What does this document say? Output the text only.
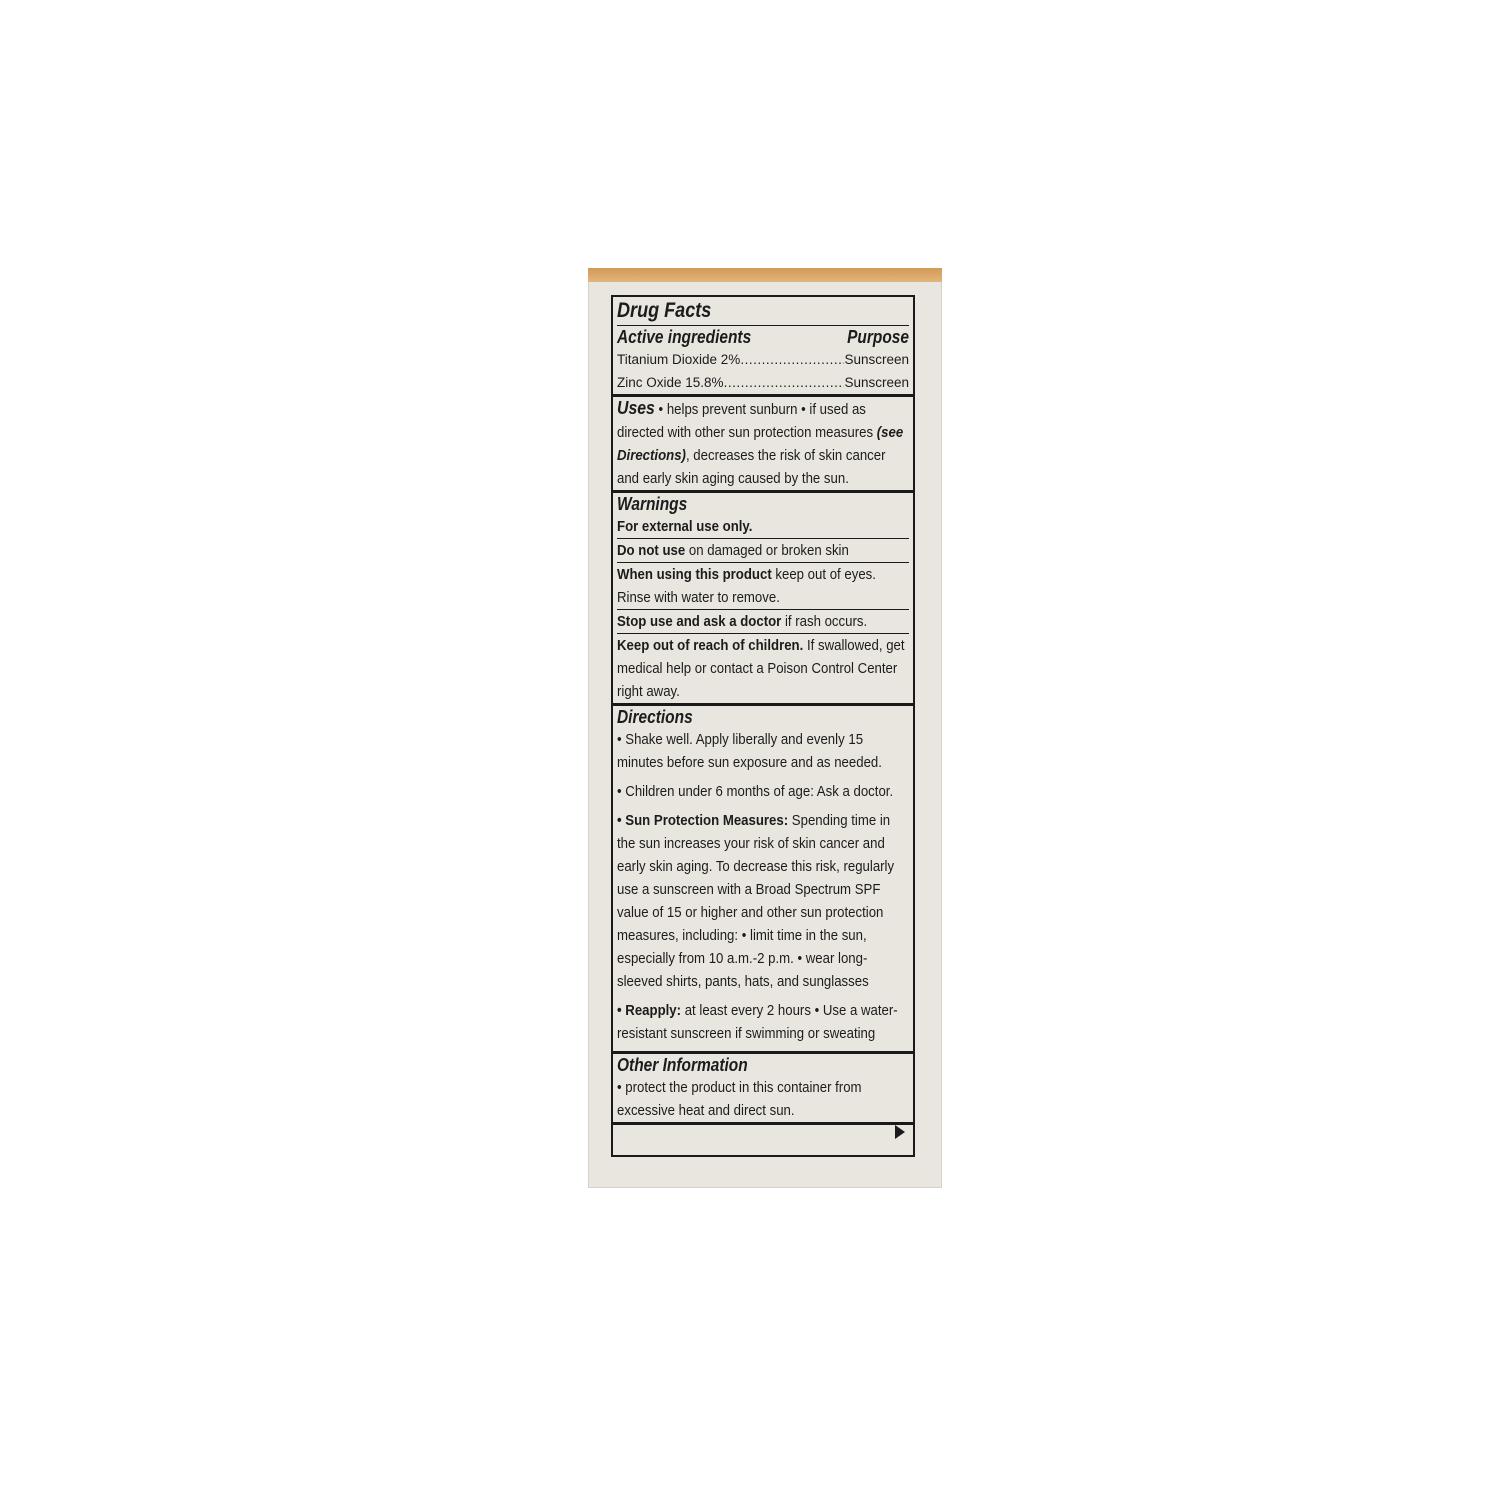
Drug Facts

Active ingredients	Purpose

Titanium Dioxide 2% .....	Sunscreen
Zinc Oxide 15.8% .....	Sunscreen

Uses • helps prevent sunburn • if used as directed with other sun protection measures (see Directions), decreases the risk of skin cancer and early skin aging caused by the sun.

Warnings

For external use only.

Do not use on damaged or broken skin

When using this product keep out of eyes. Rinse with water to remove.

Stop use and ask a doctor if rash occurs.

Keep out of reach of children. If swallowed, get medical help or contact a Poison Control Center right away.

Directions

• Shake well. Apply liberally and evenly 15 minutes before sun exposure and as needed.

• Children under 6 months of age: Ask a doctor.

• Sun Protection Measures: Spending time in the sun increases your risk of skin cancer and early skin aging. To decrease this risk, regularly use a sunscreen with a Broad Spectrum SPF value of 15 or higher and other sun protection measures, including: • limit time in the sun, especially from 10 a.m.-2 p.m. • wear long-sleeved shirts, pants, hats, and sunglasses

• Reapply: at least every 2 hours • Use a water-resistant sunscreen if swimming or sweating

Other Information

• protect the product in this container from excessive heat and direct sun.
